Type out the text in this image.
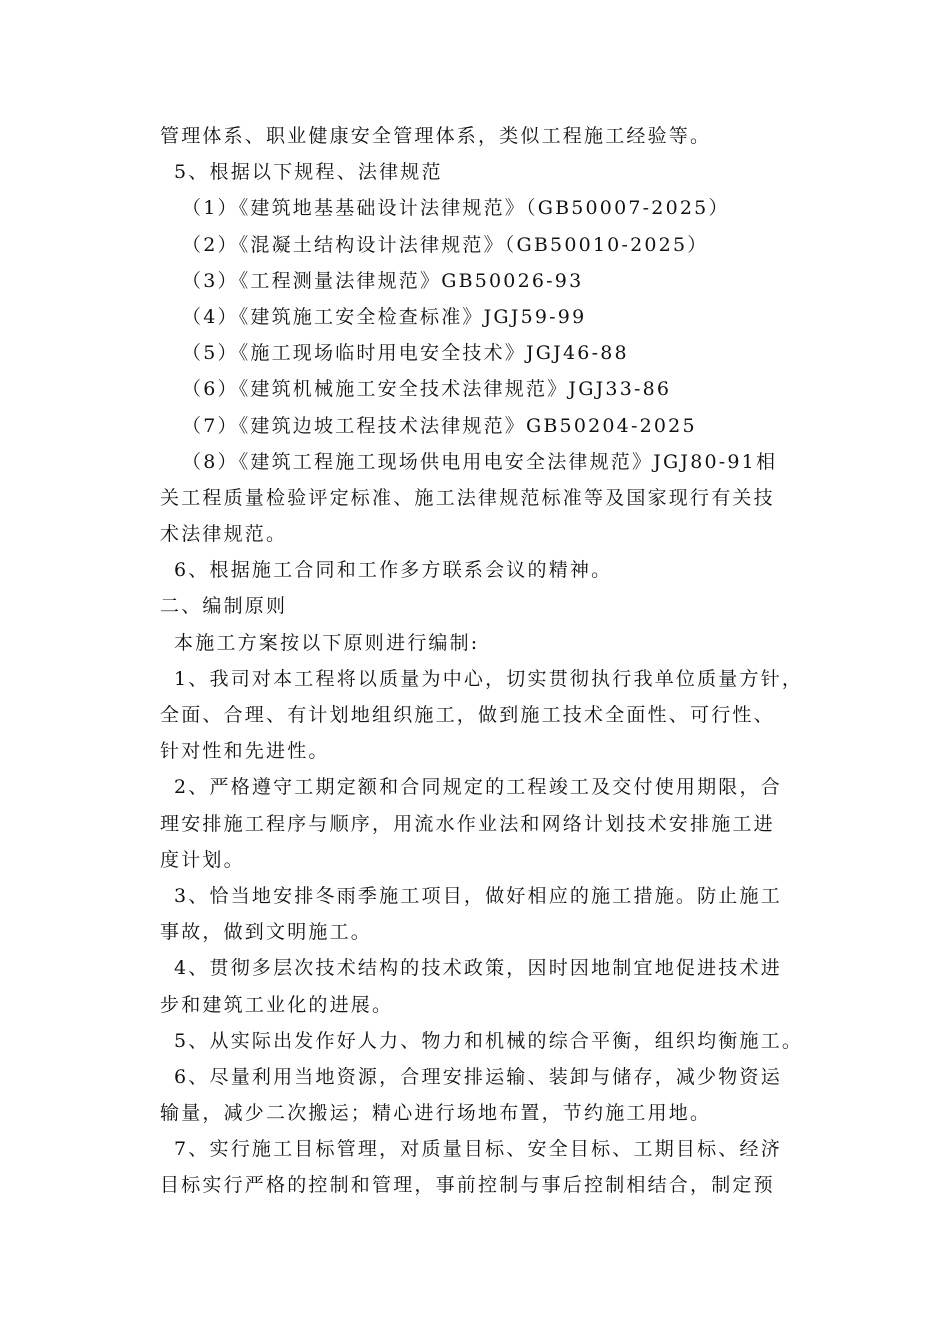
管理体系、职业健康安全管理体系，类似工程施工经验等。
5、根据以下规程、法律规范
（1）《建筑地基基础设计法律规范》（GB50007-2025）
（2）《混凝土结构设计法律规范》（GB50010-2025）
（3）《工程测量法律规范》GB50026-93
（4）《建筑施工安全检查标准》JGJ59-99
（5）《施工现场临时用电安全技术》JGJ46-88
（6）《建筑机械施工安全技术法律规范》JGJ33-86
（7）《建筑边坡工程技术法律规范》GB50204-2025
（8）《建筑工程施工现场供电用电安全法律规范》JGJ80-91相
关工程质量检验评定标准、施工法律规范标准等及国家现行有关技
术法律规范。
6、根据施工合同和工作多方联系会议的精神。
二、编制原则
本施工方案按以下原则进行编制:
1、我司对本工程将以质量为中心，切实贯彻执行我单位质量方针，
全面、合理、有计划地组织施工，做到施工技术全面性、可行性、
针对性和先进性。
2、严格遵守工期定额和合同规定的工程竣工及交付使用期限，合
理安排施工程序与顺序，用流水作业法和网络计划技术安排施工进
度计划。
3、恰当地安排冬雨季施工项目，做好相应的施工措施。防止施工
事故，做到文明施工。
4、贯彻多层次技术结构的技术政策，因时因地制宜地促进技术进
步和建筑工业化的进展。
5、从实际出发作好人力、物力和机械的综合平衡，组织均衡施工。
6、尽量利用当地资源，合理安排运输、装卸与储存，减少物资运
输量，减少二次搬运；精心进行场地布置，节约施工用地。
7、实行施工目标管理，对质量目标、安全目标、工期目标、经济
目标实行严格的控制和管理，事前控制与事后控制相结合，制定预
